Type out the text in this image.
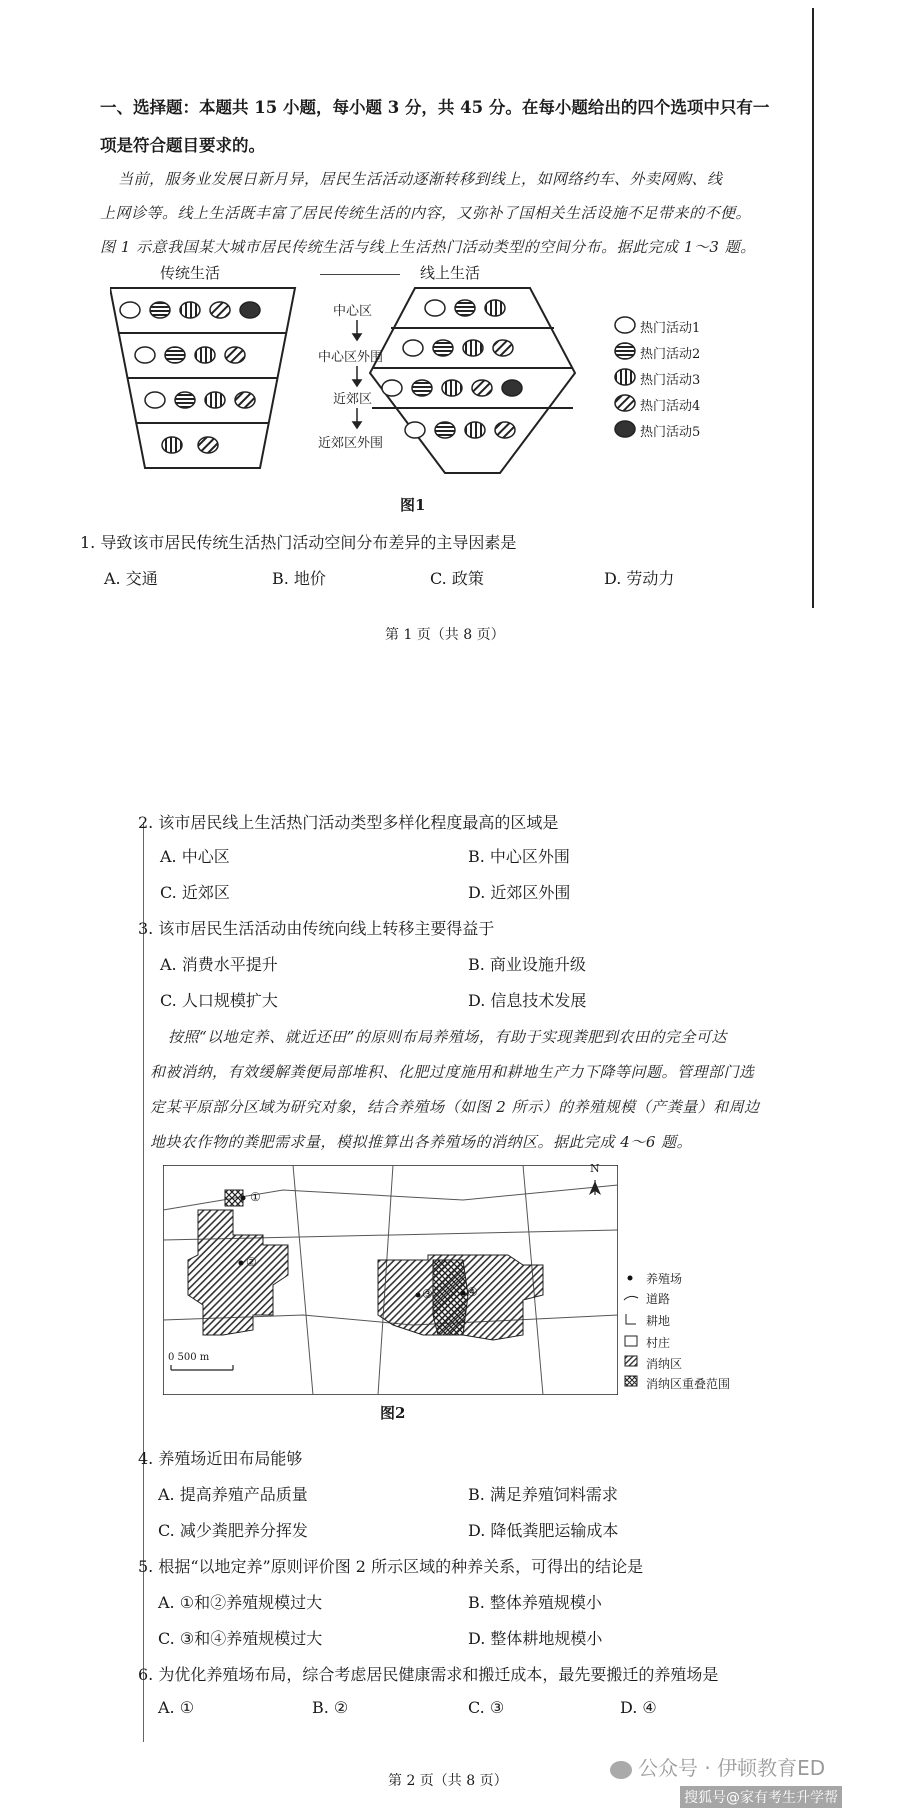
一、选择题：本题共 15 小题，每小题 3 分，共 45 分。在每小题给出的四个选项中只有一
项是符合题目要求的。
当前，服务业发展日新月异，居民生活活动逐渐转移到线上，如网络约车、外卖网购、线
上网诊等。线上生活既丰富了居民传统生活的内容，又弥补了国相关生活设施不足带来的不便。
图 1 示意我国某大城市居民传统生活与线上生活热门活动类型的空间分布。据此完成 1～3 题。
传统生活	线上生活
中心区
中心区外围
近郊区
近郊区外围
热门活动1
热门活动2
热门活动3
热门活动4
热门活动5
图1
1. 导致该市居民传统生活热门活动空间分布差异的主导因素是
A. 交通	B. 地价	C. 政策	D. 劳动力
第 1 页（共 8 页）
2. 该市居民线上生活热门活动类型多样化程度最高的区域是
A. 中心区	B. 中心区外围
C. 近郊区	D. 近郊区外围
3. 该市居民生活活动由传统向线上转移主要得益于
A. 消费水平提升	B. 商业设施升级
C. 人口规模扩大	D. 信息技术发展
按照“以地定养、就近还田”的原则布局养殖场，有助于实现粪肥到农田的完全可达
和被消纳，有效缓解粪便局部堆积、化肥过度施用和耕地生产力下降等问题。管理部门选
定某平原部分区域为研究对象，结合养殖场（如图 2 所示）的养殖规模（产粪量）和周边
地块农作物的粪肥需求量，模拟推算出各养殖场的消纳区。据此完成 4～6 题。
N
0 500 m
①
②
③	④
养殖场
道路
耕地
村庄
消纳区
消纳区重叠范围
图2
4. 养殖场近田布局能够
A. 提高养殖产品质量	B. 满足养殖饲料需求
C. 减少粪肥养分挥发	D. 降低粪肥运输成本
5. 根据“以地定养”原则评价图 2 所示区域的种养关系，可得出的结论是
A. ①和②养殖规模过大	B. 整体养殖规模小
C. ③和④养殖规模过大	D. 整体耕地规模小
6. 为优化养殖场布局，综合考虑居民健康需求和搬迁成本，最先要搬迁的养殖场是
A. ①	B. ②	C. ③	D. ④
第 2 页（共 8 页）
公众号 · 伊顿教育ED
搜狐号@家有考生升学帮
